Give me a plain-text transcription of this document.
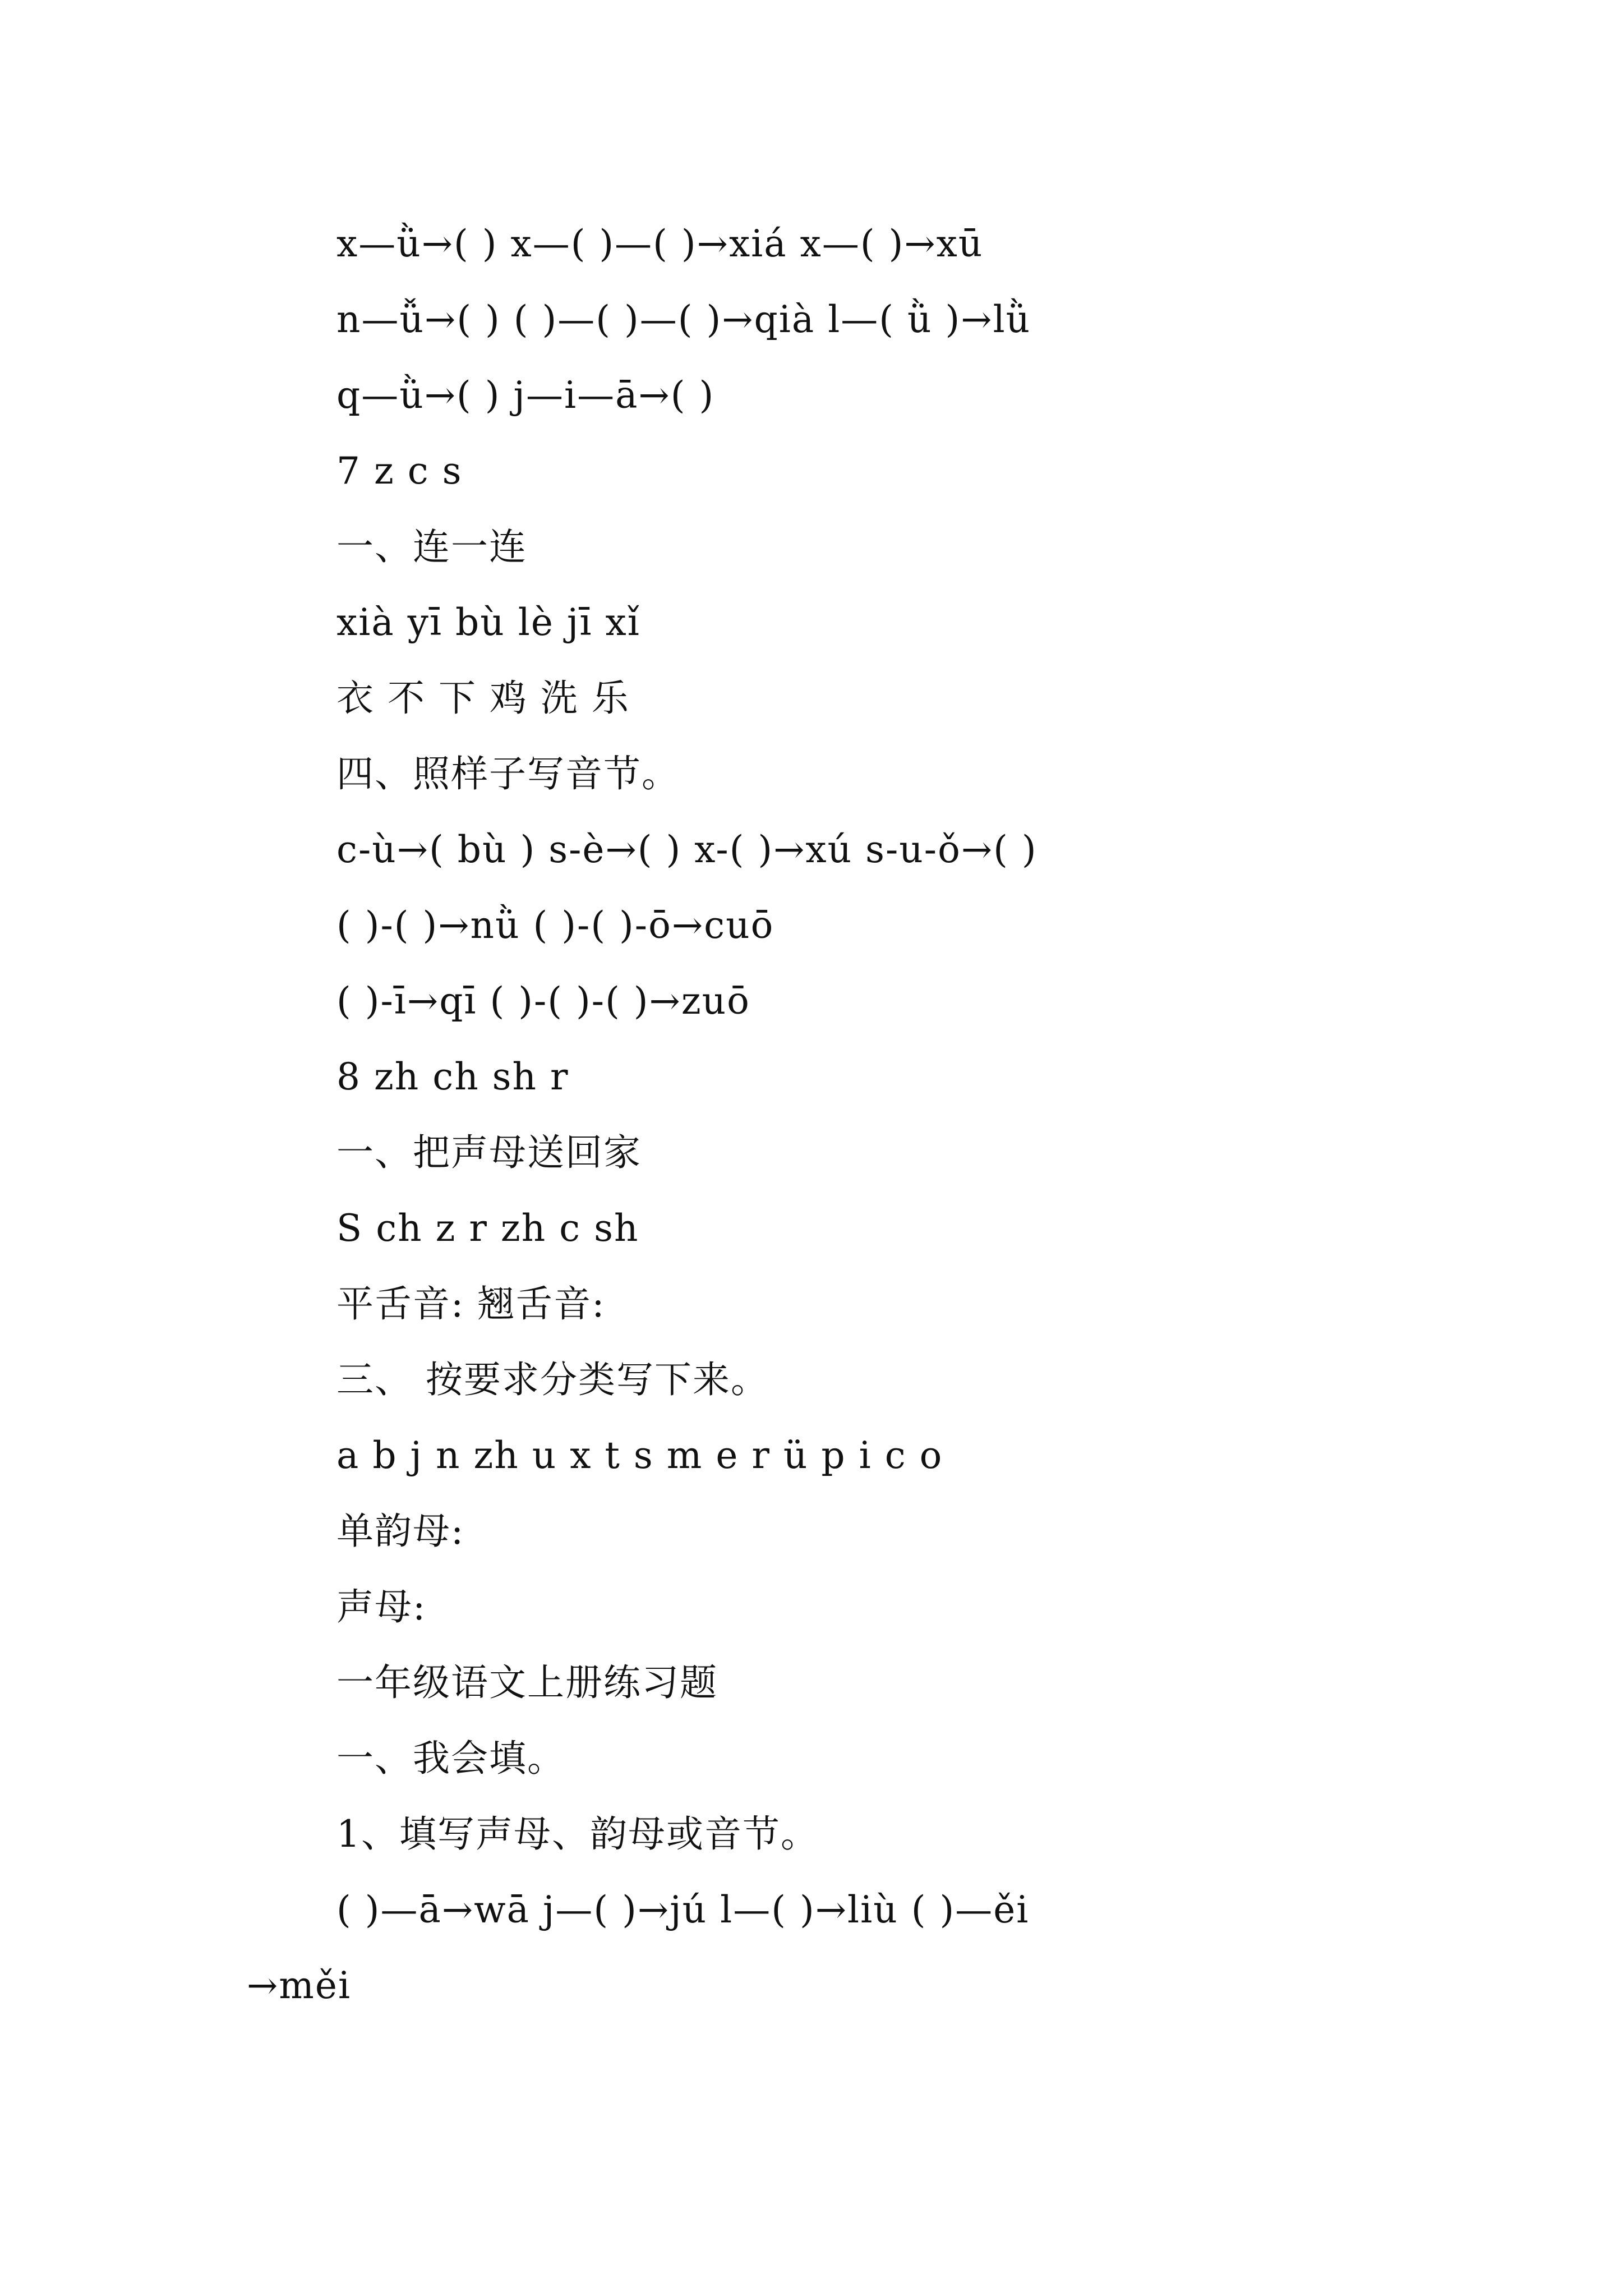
x—ǜ→( ) x—( )—( )→xiá x—( )→xū

n—ǚ→( ) ( )—( )—( )→qià l—( ǜ )→lǜ

q—ǜ→( ) j—i—ā→( )

7 z c s

一、连一连

xià yī bù lè jī xǐ

衣 不 下 鸡 洗 乐

四、照样子写音节。

c-ù→( bù ) s-è→( ) x-( )→xú s-u-ǒ→( )

( )-( )→nǜ ( )-( )-ō→cuō

( )-ī→qī ( )-( )-( )→zuō

8 zh ch sh r

一、把声母送回家

S ch z r zh c sh

平舌音: 翘舌音:

三、 按要求分类写下来。

a b j n zh u x t s m e r ü p i c o

单韵母:

声母:

一年级语文上册练习题

一、我会填。

1、填写声母、韵母或音节。

( )—ā→wā j—( )→jú l—( )→liù ( )—ěi

→měi
